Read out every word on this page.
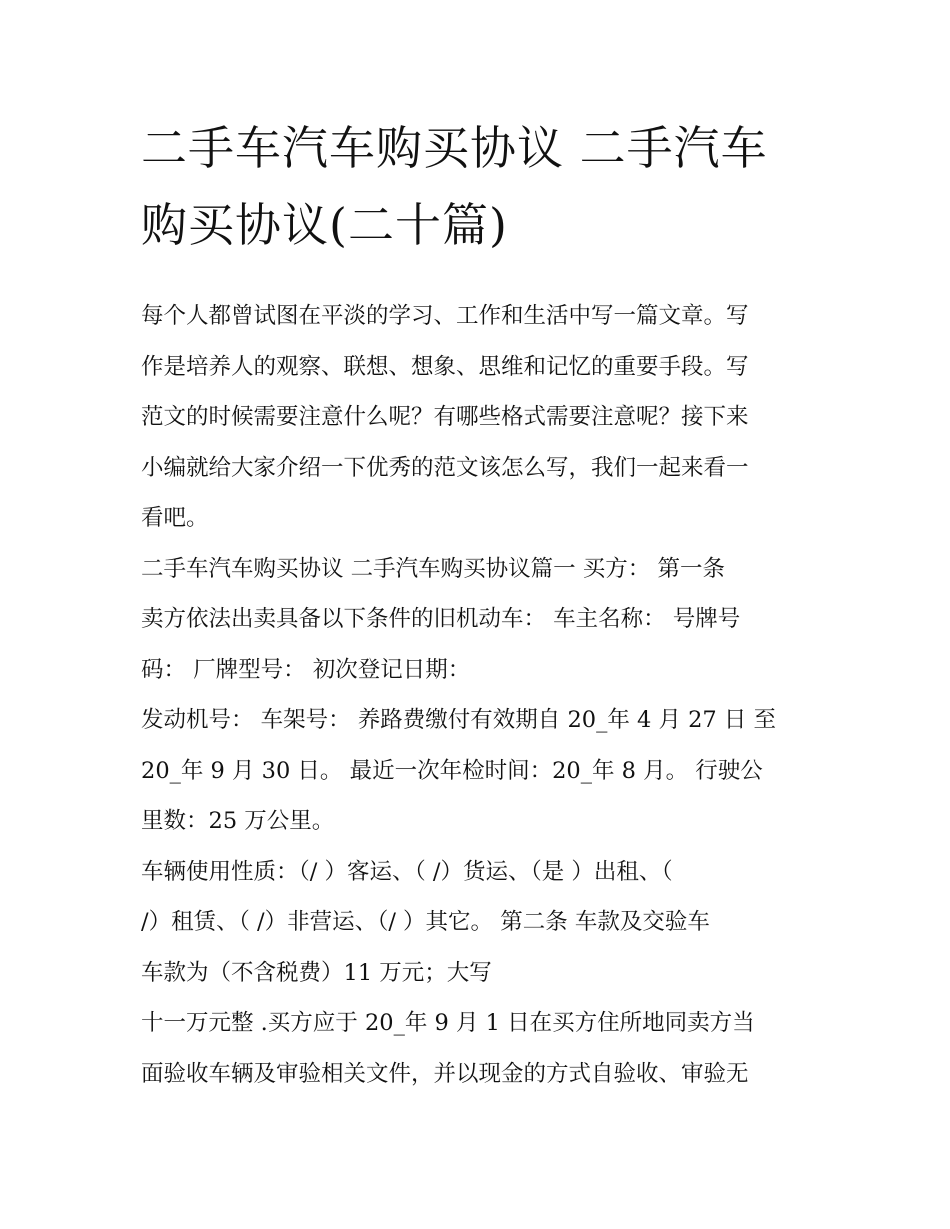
二手车汽车购买协议 二手汽车
购买协议(二十篇)
每个人都曾试图在平淡的学习、工作和生活中写一篇文章。写
作是培养人的观察、联想、想象、思维和记忆的重要手段。写
范文的时候需要注意什么呢？有哪些格式需要注意呢？接下来
小编就给大家介绍一下优秀的范文该怎么写，我们一起来看一
看吧。
二手车汽车购买协议 二手汽车购买协议篇一 买方： 第一条
卖方依法出卖具备以下条件的旧机动车： 车主名称： 号牌号
码： 厂牌型号： 初次登记日期：
发动机号： 车架号： 养路费缴付有效期自 20_年 4 月 27 日 至
20_年 9 月 30 日。 最近一次年检时间：20_年 8 月。 行驶公
里数：25 万公里。
车辆使用性质：（/ ）客运、（ /）货运、（是 ）出租、（
/）租赁、（ /）非营运、（/ ）其它。 第二条 车款及交验车
车款为（不含税费）11 万元；大写
十一万元整 .买方应于 20_年 9 月 1 日在买方住所地同卖方当
面验收车辆及审验相关文件，并以现金的方式自验收、审验无
